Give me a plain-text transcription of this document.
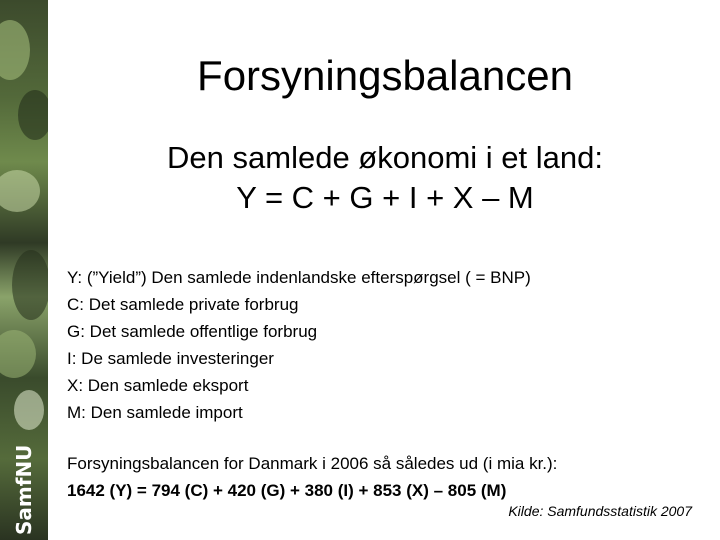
SamfNU
Forsyningsbalancen
Den samlede økonomi i et land:
Y = C + G + I + X – M
Y: (”Yield”) Den samlede indenlandske efterspørgsel ( = BNP)
C: Det samlede private forbrug
G: Det samlede offentlige forbrug
I: De samlede investeringer
X: Den samlede eksport
M: Den samlede import
Forsyningsbalancen for Danmark i 2006 så således ud (i mia kr.):
1642 (Y) = 794 (C) + 420 (G) + 380 (I) + 853 (X) – 805 (M)
Kilde: Samfundsstatistik 2007
